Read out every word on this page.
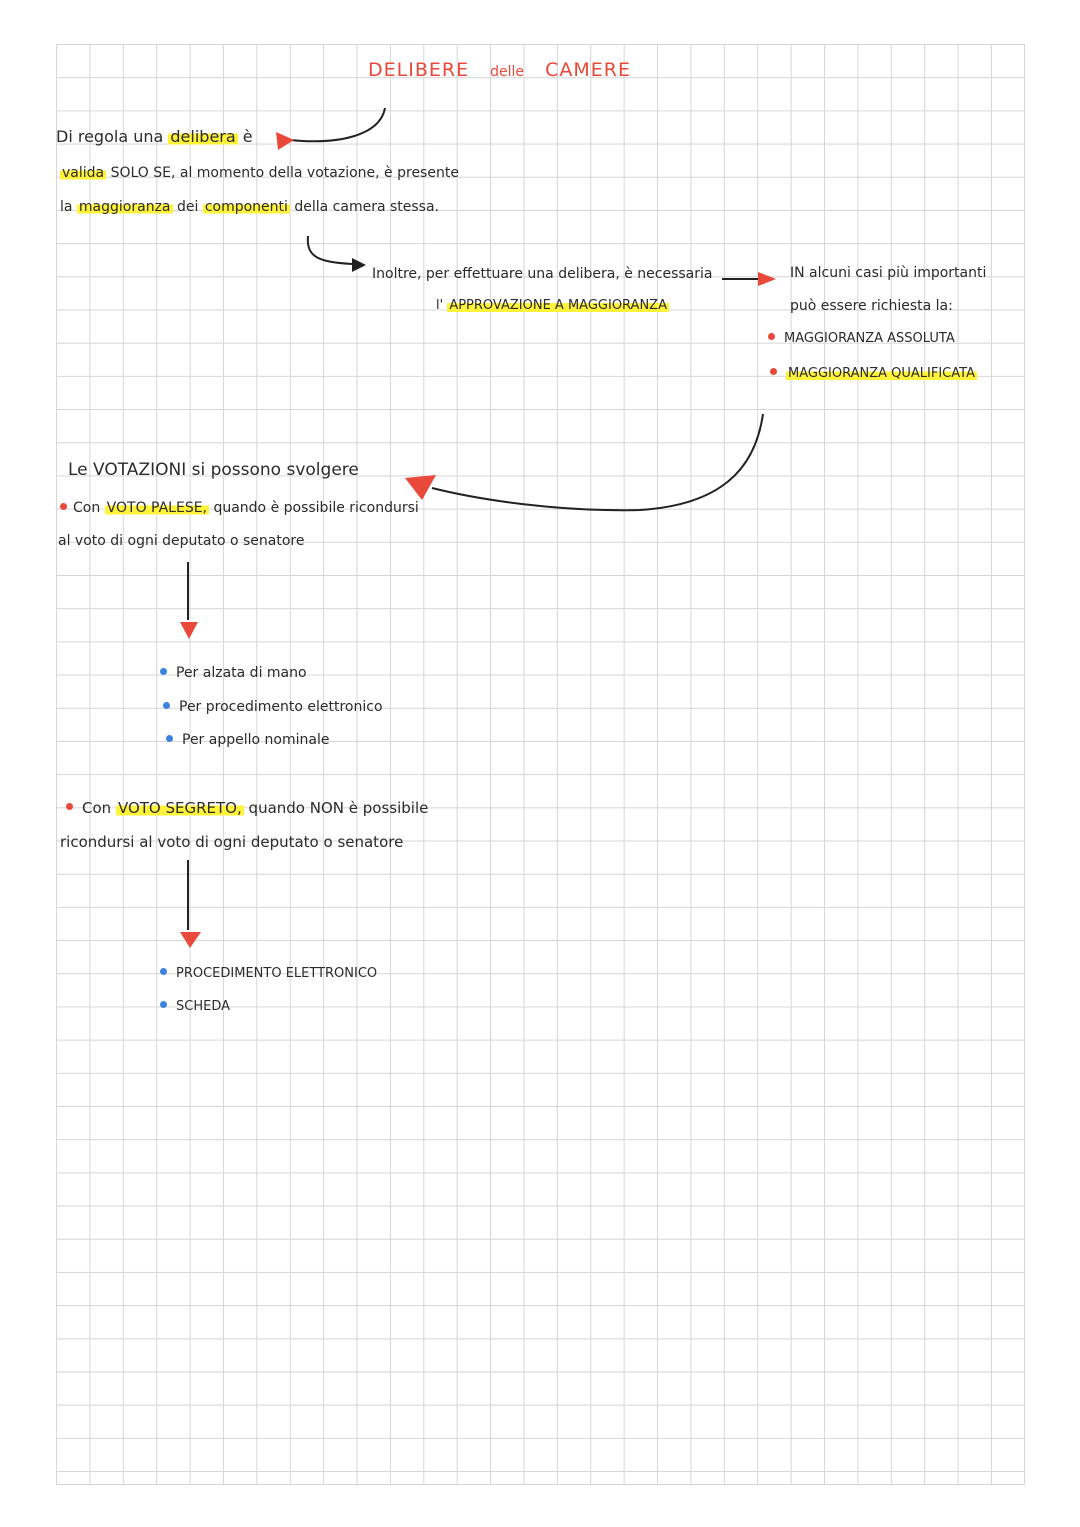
DELIBERE delle CAMERE
Di regola una delibera è
valida SOLO SE, al momento della votazione, è presente
la maggioranza dei componenti della camera stessa.
Inoltre, per effettuare una delibera, è necessaria
l' APPROVAZIONE A MAGGIORANZA
IN alcuni casi più importanti
può essere richiesta la:
MAGGIORANZA ASSOLUTA
MAGGIORANZA QUALIFICATA
Le VOTAZIONI si possono svolgere
Con VOTO PALESE, quando è possibile ricondursi
al voto di ogni deputato o senatore
Per alzata di mano
Per procedimento elettronico
Per appello nominale
Con VOTO SEGRETO, quando NON è possibile
ricondursi al voto di ogni deputato o senatore
PROCEDIMENTO ELETTRONICO
SCHEDA
